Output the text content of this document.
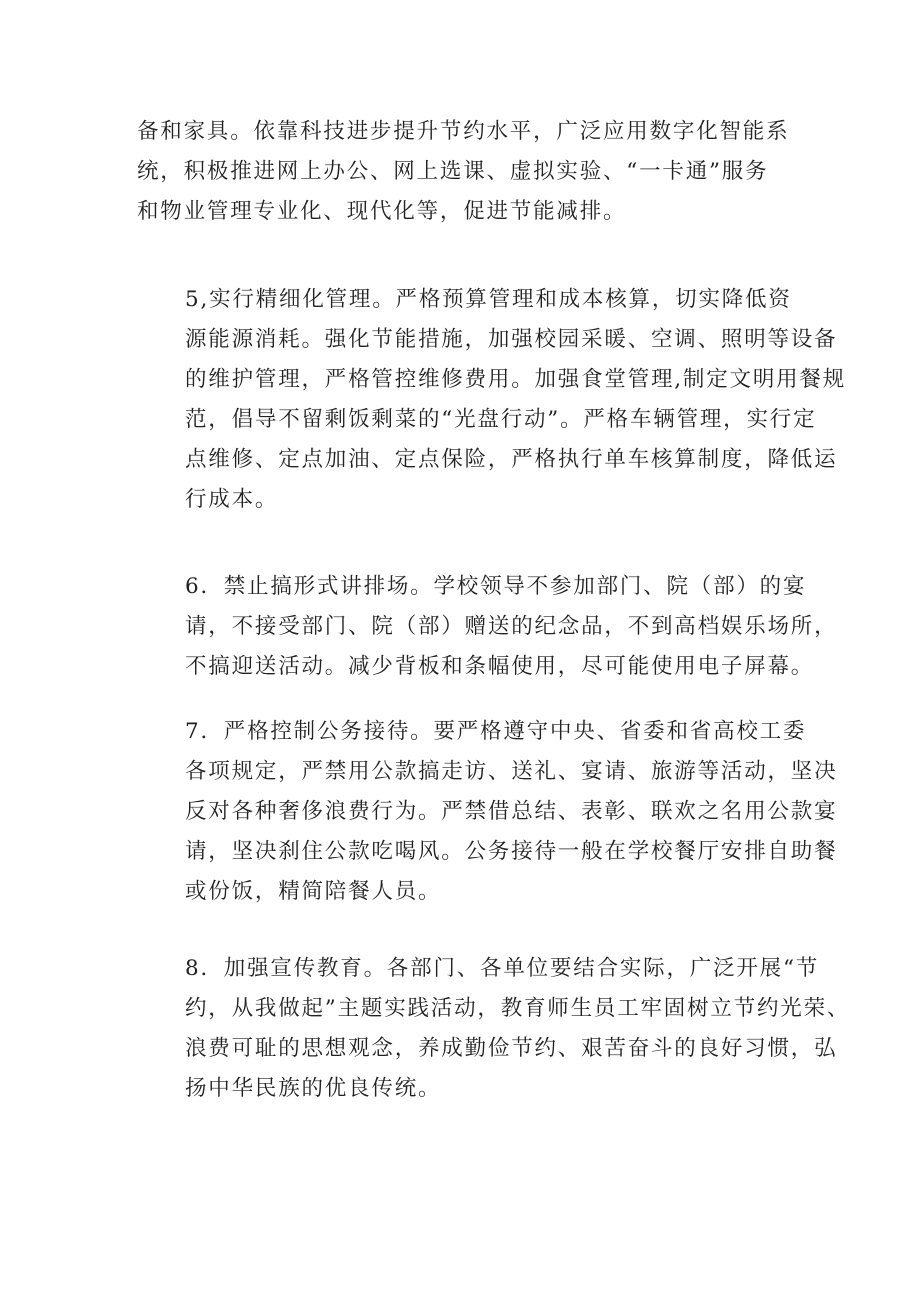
备和家具。依靠科技进步提升节约水平，广泛应用数字化智能系
统，积极推进网上办公、网上选课、虚拟实验、“一卡通”服务
和物业管理专业化、现代化等，促进节能减排。

5,实行精细化管理。严格预算管理和成本核算，切实降低资
源能源消耗。强化节能措施，加强校园采暖、空调、照明等设备
的维护管理，严格管控维修费用。加强食堂管理,制定文明用餐规
范，倡导不留剩饭剩菜的“光盘行动”。严格车辆管理，实行定
点维修、定点加油、定点保险，严格执行单车核算制度，降低运
行成本。

6．禁止搞形式讲排场。学校领导不参加部门、院（部）的宴
请，不接受部门、院（部）赠送的纪念品，不到高档娱乐场所，
不搞迎送活动。减少背板和条幅使用，尽可能使用电子屏幕。

7．严格控制公务接待。要严格遵守中央、省委和省高校工委
各项规定，严禁用公款搞走访、送礼、宴请、旅游等活动，坚决
反对各种奢侈浪费行为。严禁借总结、表彰、联欢之名用公款宴
请，坚决刹住公款吃喝风。公务接待一般在学校餐厅安排自助餐
或份饭，精简陪餐人员。

8．加强宣传教育。各部门、各单位要结合实际，广泛开展“节
约，从我做起”主题实践活动，教育师生员工牢固树立节约光荣、
浪费可耻的思想观念，养成勤俭节约、艰苦奋斗的良好习惯，弘
扬中华民族的优良传统。
